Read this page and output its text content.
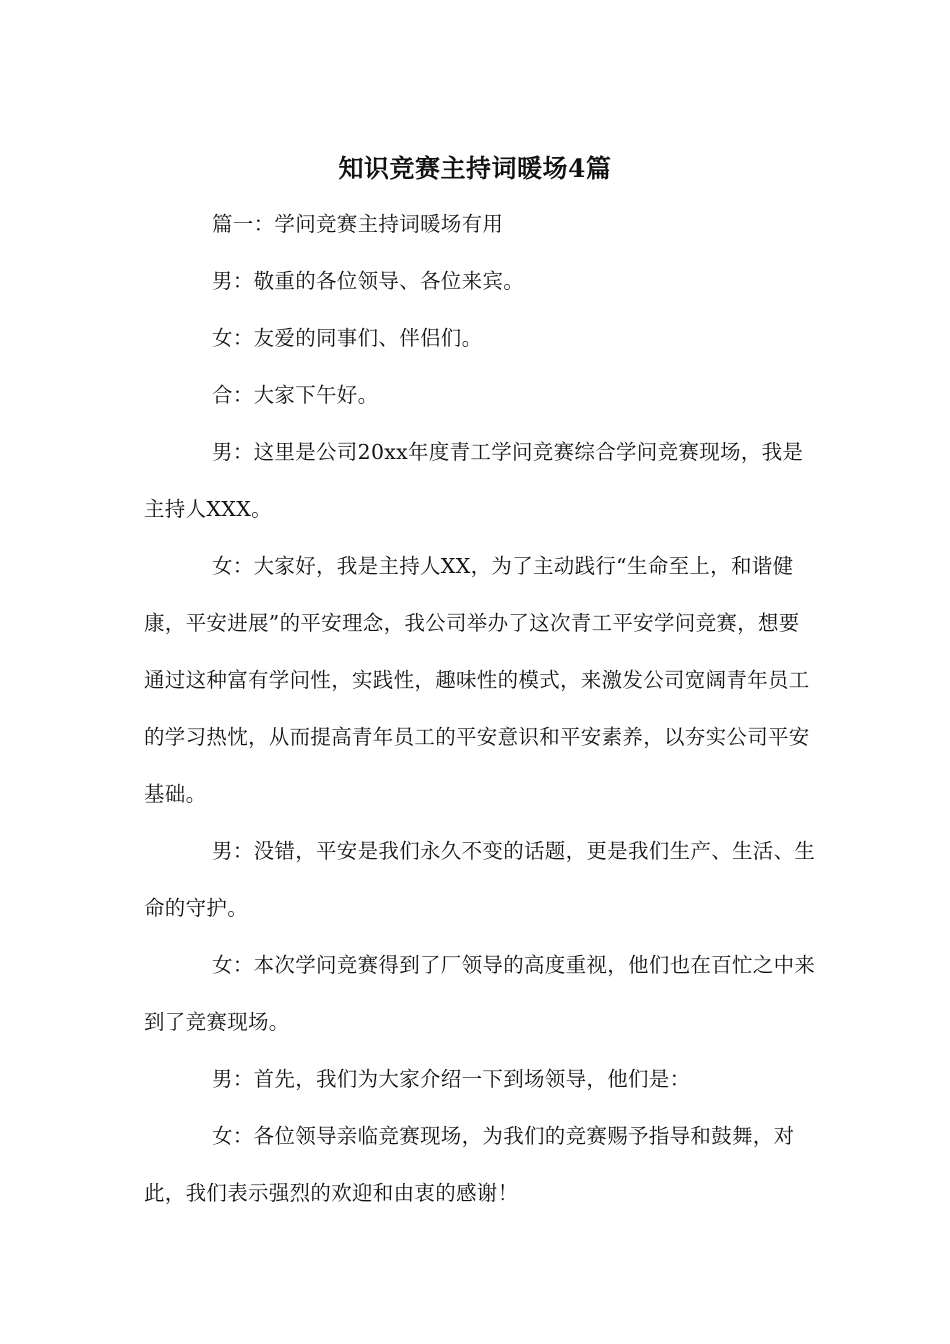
知识竞赛主持词暖场4篇

篇一：学问竞赛主持词暖场有用

男：敬重的各位领导、各位来宾。

女：友爱的同事们、伴侣们。

合：大家下午好。

男：这里是公司20xx年度青工学问竞赛综合学问竞赛现场，我是主持人XXX。

女：大家好，我是主持人XX，为了主动践行“生命至上，和谐健康，平安进展”的平安理念，我公司举办了这次青工平安学问竞赛，想要通过这种富有学问性，实践性，趣味性的模式，来激发公司宽阔青年员工的学习热忱，从而提高青年员工的平安意识和平安素养，以夯实公司平安基础。

男：没错，平安是我们永久不变的话题，更是我们生产、生活、生命的守护。

女：本次学问竞赛得到了厂领导的高度重视，他们也在百忙之中来到了竞赛现场。

男：首先，我们为大家介绍一下到场领导，他们是：

女：各位领导亲临竞赛现场，为我们的竞赛赐予指导和鼓舞，对此，我们表示强烈的欢迎和由衷的感谢！
